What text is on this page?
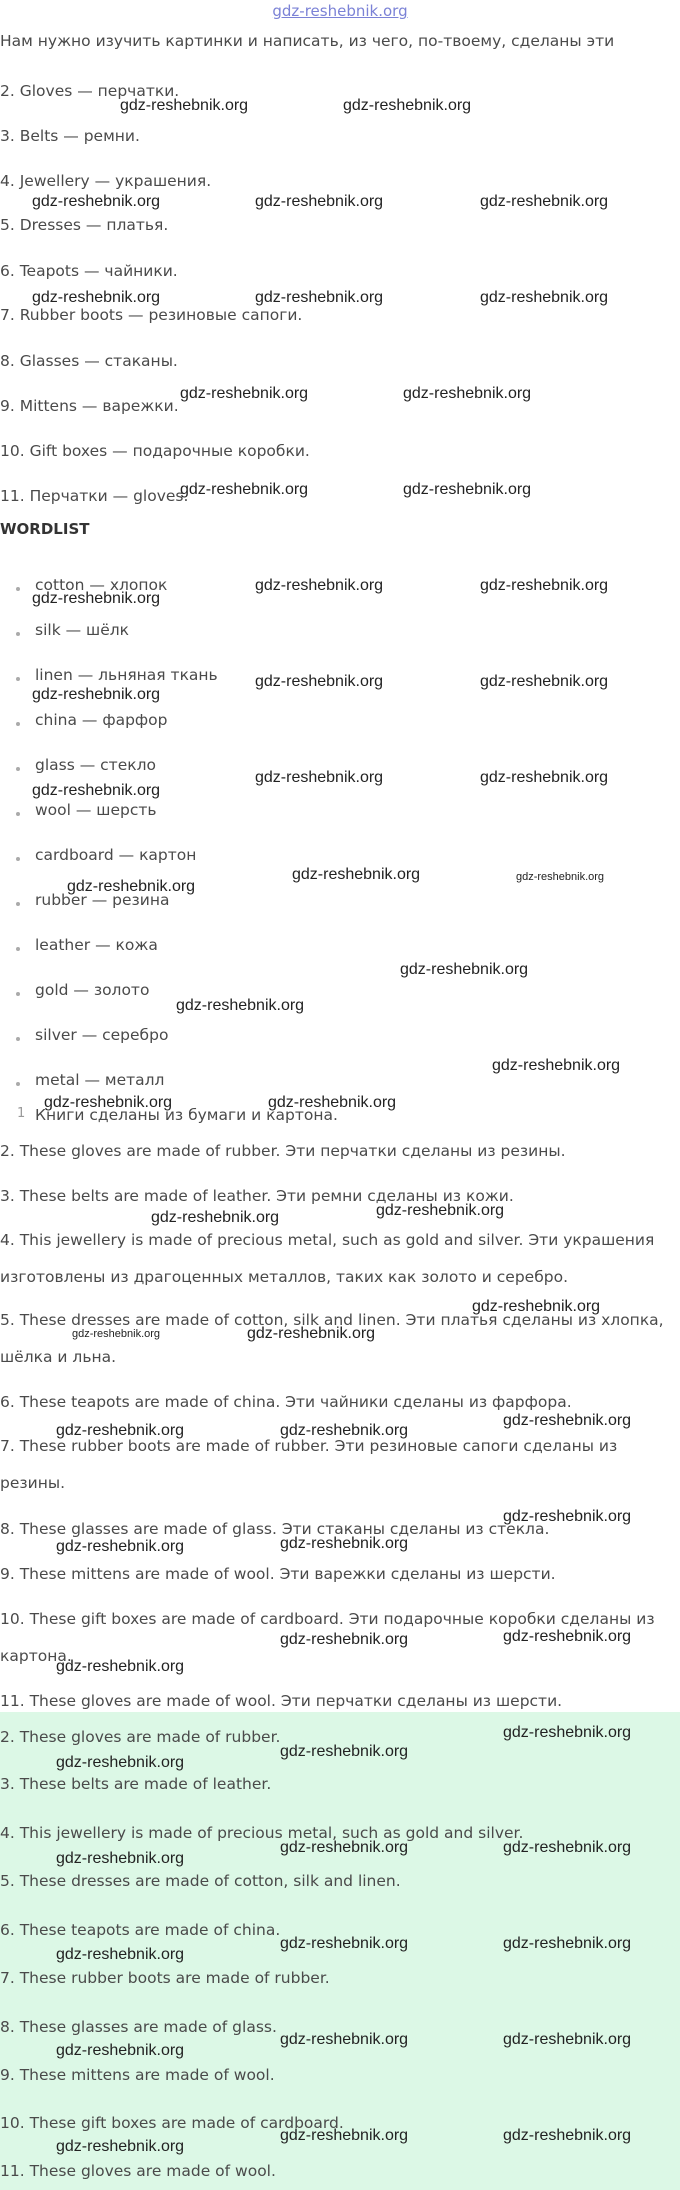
gdz-reshebnik.org
Нам нужно изучить картинки и написать, из чего, по-твоему, сделаны эти
2. Gloves — перчатки.
3. Belts — ремни.
4. Jewellery — украшения.
5. Dresses — платья.
6. Teapots — чайники.
7. Rubber boots — резиновые сапоги.
8. Glasses — стаканы.
9. Mittens — варежки.
10. Gift boxes — подарочные коробки.
11. Перчатки — gloves.
WORDLIST
cotton — хлопок
silk — шёлк
linen — льняная ткань
china — фарфор
glass — стекло
wool — шерсть
cardboard — картон
rubber — резина
leather — кожа
gold — золото
silver — серебро
metal — металл
1 Книги сделаны из бумаги и картона.
2. These gloves are made of rubber. Эти перчатки сделаны из резины.
3. These belts are made of leather. Эти ремни сделаны из кожи.
4. This jewellery is made of precious metal, such as gold and silver. Эти украшения изготовлены из драгоценных металлов, таких как золото и серебро.
5. These dresses are made of cotton, silk and linen. Эти платья сделаны из хлопка, шёлка и льна.
6. These teapots are made of china. Эти чайники сделаны из фарфора.
7. These rubber boots are made of rubber. Эти резиновые сапоги сделаны из резины.
8. These glasses are made of glass. Эти стаканы сделаны из стекла.
9. These mittens are made of wool. Эти варежки сделаны из шерсти.
10. These gift boxes are made of cardboard. Эти подарочные коробки сделаны из картона.
11. These gloves are made of wool. Эти перчатки сделаны из шерсти.
2. These gloves are made of rubber.
3. These belts are made of leather.
4. This jewellery is made of precious metal, such as gold and silver.
5. These dresses are made of cotton, silk and linen.
6. These teapots are made of china.
7. These rubber boots are made of rubber.
8. These glasses are made of glass.
9. These mittens are made of wool.
10. These gift boxes are made of cardboard.
11. These gloves are made of wool.
gdz-reshebnik.org	gdz-reshebnik.org
gdz-reshebnik.org	gdz-reshebnik.org	gdz-reshebnik.org
gdz-reshebnik.org	gdz-reshebnik.org	gdz-reshebnik.org
gdz-reshebnik.org	gdz-reshebnik.org
gdz-reshebnik.org	gdz-reshebnik.org
gdz-reshebnik.org
gdz-reshebnik.org	gdz-reshebnik.org
gdz-reshebnik.org
gdz-reshebnik.org	gdz-reshebnik.org
gdz-reshebnik.org
gdz-reshebnik.org	gdz-reshebnik.org
gdz-reshebnik.org
gdz-reshebnik.org	gdz-reshebnik.org
gdz-reshebnik.org
gdz-reshebnik.org
gdz-reshebnik.org
gdz-reshebnik.org	gdz-reshebnik.org
gdz-reshebnik.org
gdz-reshebnik.org
gdz-reshebnik.org
gdz-reshebnik.org	gdz-reshebnik.org
gdz-reshebnik.org
gdz-reshebnik.org	gdz-reshebnik.org
gdz-reshebnik.org
gdz-reshebnik.org	gdz-reshebnik.org
gdz-reshebnik.org
gdz-reshebnik.org
gdz-reshebnik.org
gdz-reshebnik.org
gdz-reshebnik.org
gdz-reshebnik.org
gdz-reshebnik.org	gdz-reshebnik.org
gdz-reshebnik.org
gdz-reshebnik.org	gdz-reshebnik.org
gdz-reshebnik.org
gdz-reshebnik.org	gdz-reshebnik.org
gdz-reshebnik.org
gdz-reshebnik.org	gdz-reshebnik.org
gdz-reshebnik.org
